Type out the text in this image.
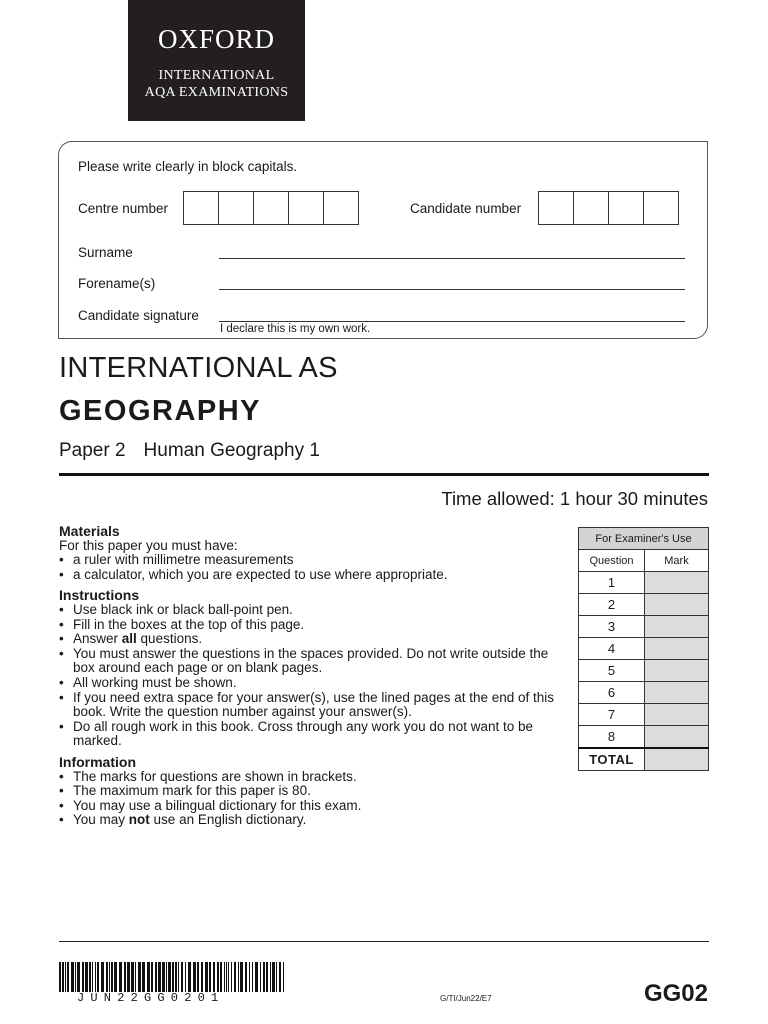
OXFORD
INTERNATIONAL
AQA EXAMINATIONS
Please write clearly in block capitals.
Centre number	Candidate number
Surname
Forename(s)
Candidate signature
I declare this is my own work.
INTERNATIONAL AS
GEOGRAPHY
Paper 2 Human Geography 1
Time allowed: 1 hour 30 minutes
Materials
For this paper you must have:
• a ruler with millimetre measurements
• a calculator, which you are expected to use where appropriate.
Instructions
• Use black ink or black ball-point pen.
• Fill in the boxes at the top of this page.
• Answer all questions.
• You must answer the questions in the spaces provided. Do not write outside the box around each page or on blank pages.
• All working must be shown.
• If you need extra space for your answer(s), use the lined pages at the end of this book. Write the question number against your answer(s).
• Do all rough work in this book. Cross through any work you do not want to be marked.
Information
• The marks for questions are shown in brackets.
• The maximum mark for this paper is 80.
• You may use a bilingual dictionary for this exam.
• You may not use an English dictionary.
For Examiner's Use	
Question	Mark
1	
2	
3	
4	
5	
6	
7	
8	
TOTAL	
JUN22GG0201	G/TI/Jun22/E7	GG02
